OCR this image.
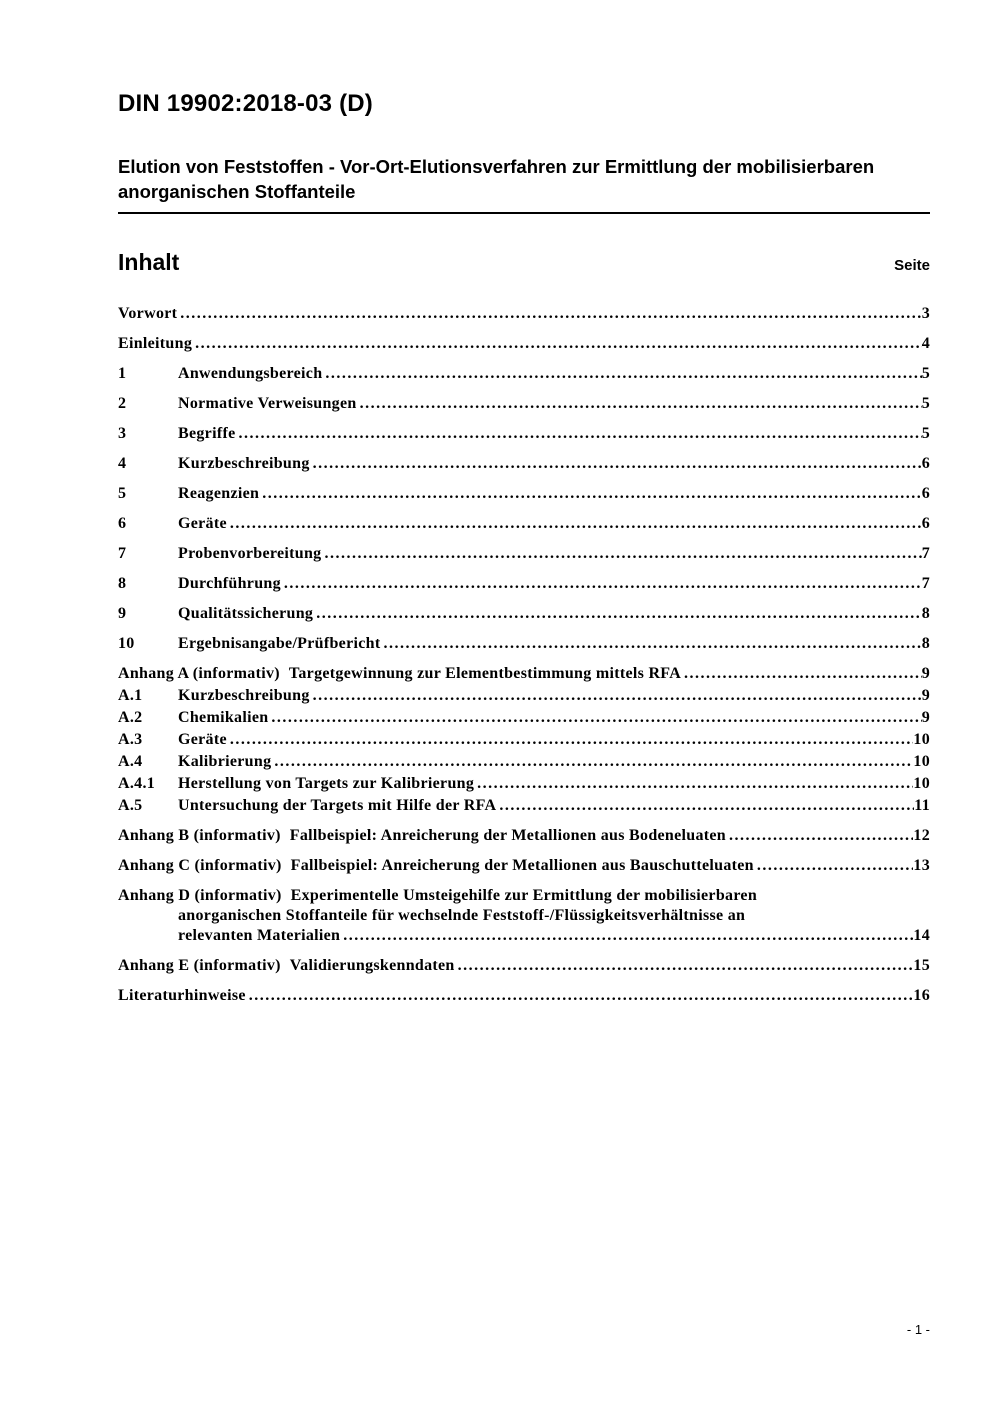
DIN 19902:2018-03 (D)
Elution von Feststoffen - Vor-Ort-Elutionsverfahren zur Ermittlung der mobilisierbaren anorganischen Stoffanteile
Inhalt	Seite
Vorwort .....	3
Einleitung .....	4
1	Anwendungsbereich .....	5
2	Normative Verweisungen .....	5
3	Begriffe .....	5
4	Kurzbeschreibung .....	6
5	Reagenzien .....	6
6	Geräte .....	6
7	Probenvorbereitung .....	7
8	Durchführung .....	7
9	Qualitätssicherung .....	8
10	Ergebnisangabe/Prüfbericht .....	8
Anhang A (informativ) Targetgewinnung zur Elementbestimmung mittels RFA .....	9
A.1	Kurzbeschreibung .....	9
A.2	Chemikalien .....	9
A.3	Geräte .....	10
A.4	Kalibrierung .....	10
A.4.1	Herstellung von Targets zur Kalibrierung .....	10
A.5	Untersuchung der Targets mit Hilfe der RFA .....	11
Anhang B (informativ) Fallbeispiel: Anreicherung der Metallionen aus Bodeneluaten .....	12
Anhang C (informativ) Fallbeispiel: Anreicherung der Metallionen aus Bauschutteluaten .....	13
Anhang D (informativ) Experimentelle Umsteigehilfe zur Ermittlung der mobilisierbaren
anorganischen Stoffanteile für wechselnde Feststoff-/Flüssigkeitsverhältnisse an
relevanten Materialien .....	14
Anhang E (informativ) Validierungskenndaten .....	15
Literaturhinweise .....	16
- 1 -
